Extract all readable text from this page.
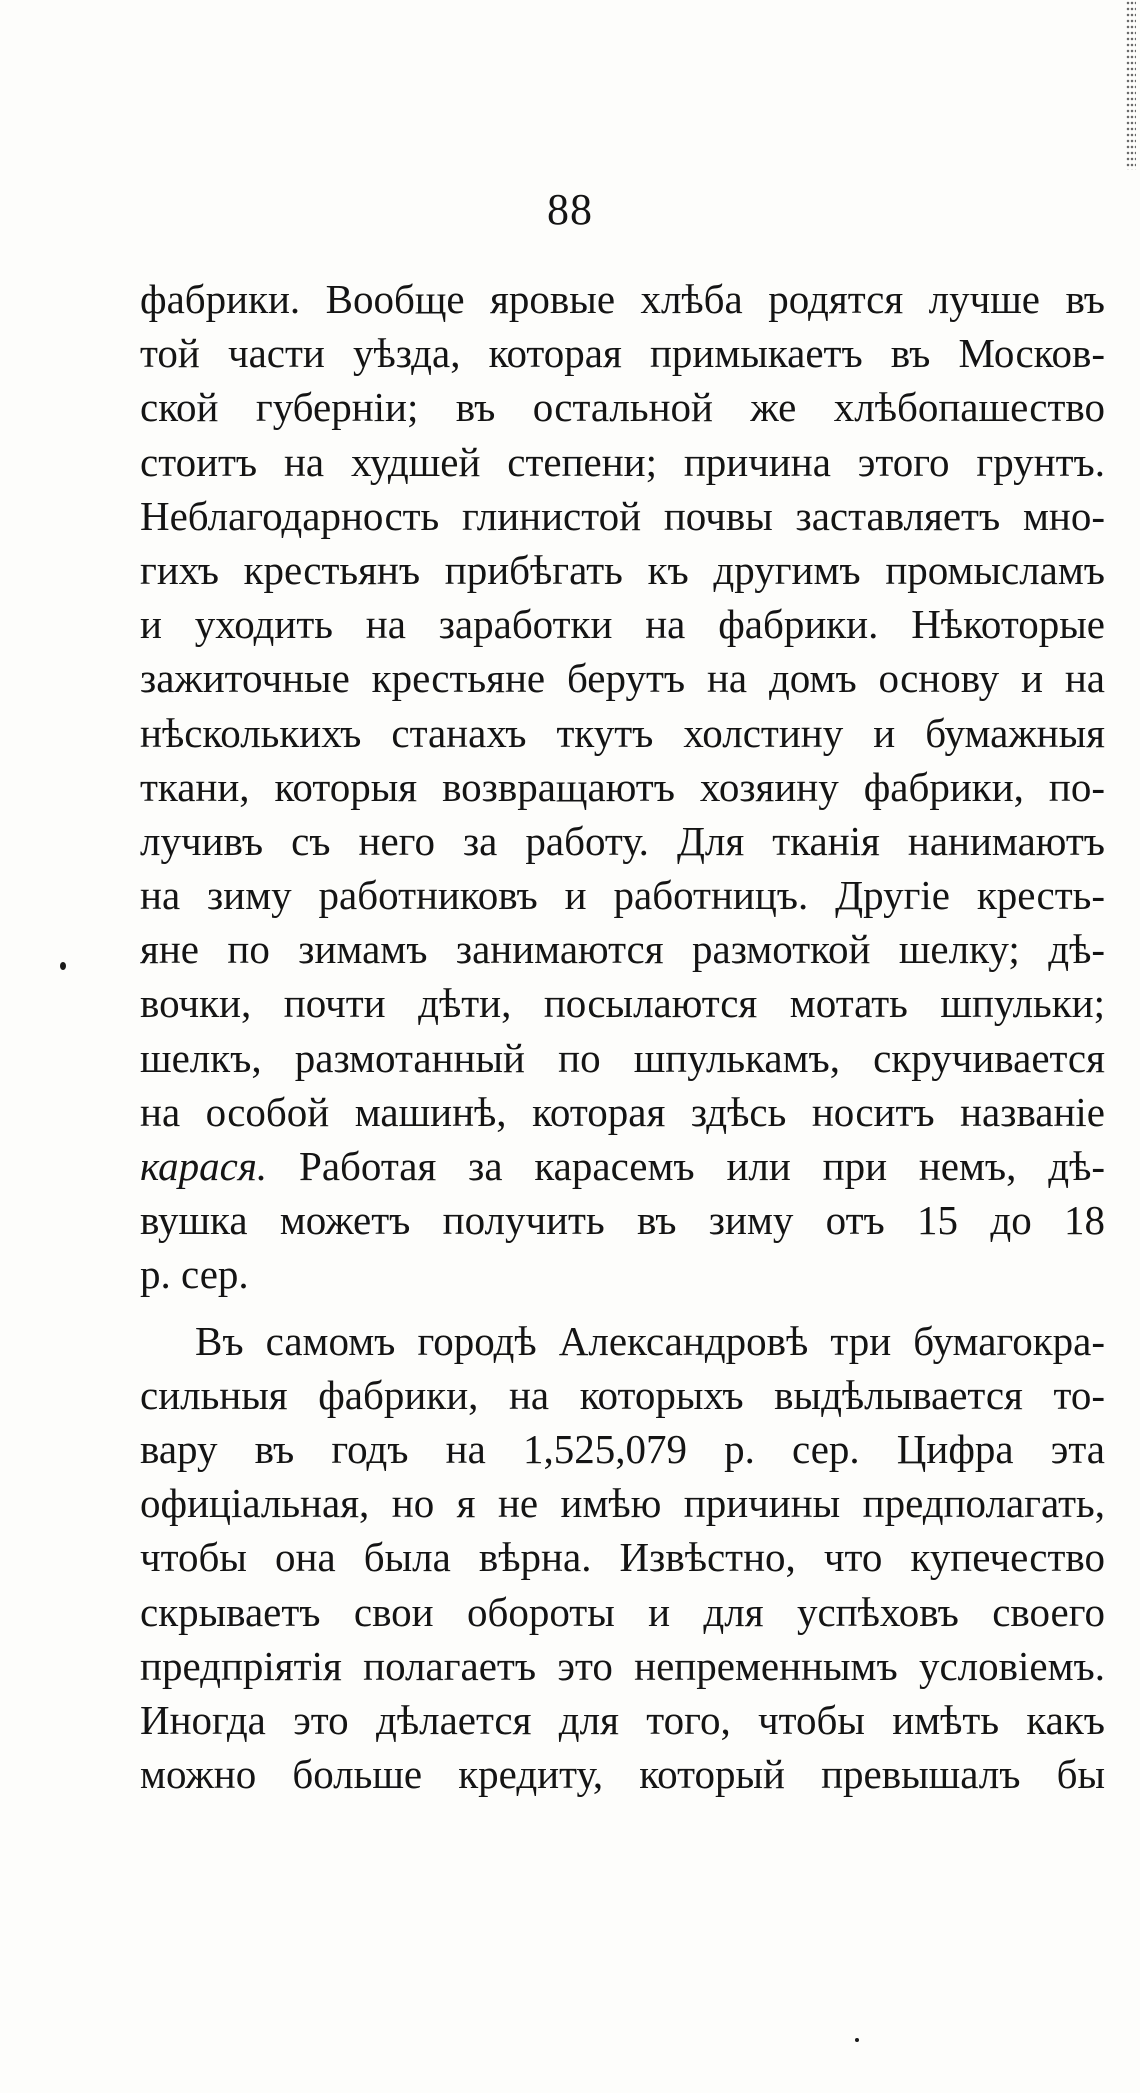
88
фабрики. Вообще яровые хлѣба родятся лучше въ
той части уѣзда, которая примыкаетъ въ Москов-
ской губерніи; въ остальной же хлѣбопашество
стоитъ на худшей степени; причина этого грунтъ.
Неблагодарность глинистой почвы заставляетъ мно-
гихъ крестьянъ прибѣгать къ другимъ промысламъ
и уходить на заработки на фабрики. Нѣкоторые
зажиточные крестьяне берутъ на домъ основу и на
нѣсколькихъ станахъ ткутъ холстину и бумажныя
ткани, которыя возвращаютъ хозяину фабрики, по-
лучивъ съ него за работу. Для тканія нанимаютъ
на зиму работниковъ и работницъ. Другіе кресть-
яне по зимамъ занимаются размоткой шелку; дѣ-
вочки, почти дѣти, посылаются мотать шпульки;
шелкъ, размотанный по шпулькамъ, скручивается
на особой машинѣ, которая здѣсь носитъ названіе
карася. Работая за карасемъ или при немъ, дѣ-
вушка можетъ получить въ зиму отъ 15 до 18
р. сер.
Въ самомъ городѣ Александровѣ три бумагокра-
сильныя фабрики, на которыхъ выдѣлывается то-
вару въ годъ на 1,525,079 р. сер. Цифра эта
офиціальная, но я не имѣю причины предполагать,
чтобы она была вѣрна. Извѣстно, что купечество
скрываетъ свои обороты и для успѣховъ своего
предпріятія полагаетъ это непременнымъ условіемъ.
Иногда это дѣлается для того, чтобы имѣть какъ
можно больше кредиту, который превышалъ бы
